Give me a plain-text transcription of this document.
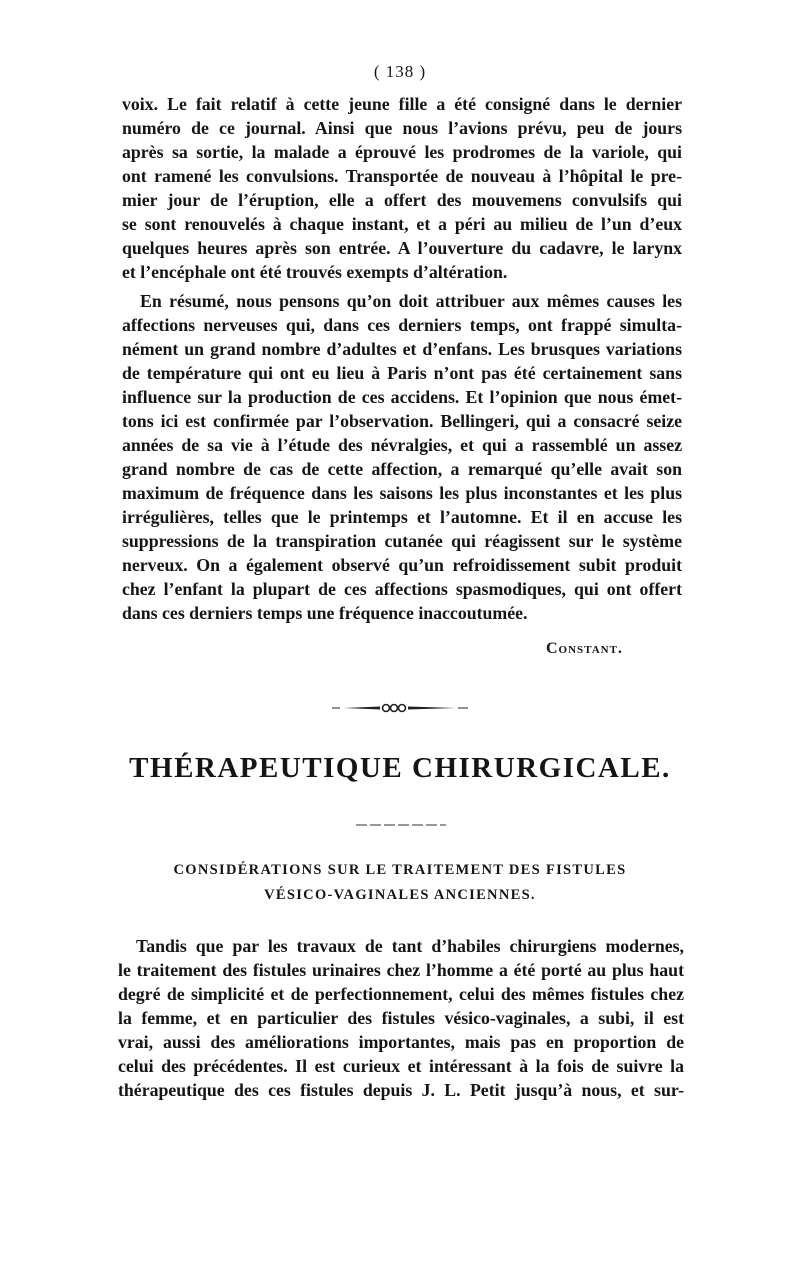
( 138 )
voix. Le fait relatif à cette jeune fille a été consigné dans le dernier
numéro de ce journal. Ainsi que nous l’avions prévu, peu de jours
après sa sortie, la malade a éprouvé les prodromes de la variole, qui
ont ramené les convulsions. Transportée de nouveau à l’hôpital le pre-
mier jour de l’éruption, elle a offert des mouvemens convulsifs qui
se sont renouvelés à chaque instant, et a péri au milieu de l’un d’eux
quelques heures après son entrée. A l’ouverture du cadavre, le larynx
et l’encéphale ont été trouvés exempts d’altération.
En résumé, nous pensons qu’on doit attribuer aux mêmes causes les
affections nerveuses qui, dans ces derniers temps, ont frappé simulta-
nément un grand nombre d’adultes et d’enfans. Les brusques variations
de température qui ont eu lieu à Paris n’ont pas été certainement sans
influence sur la production de ces accidens. Et l’opinion que nous émet-
tons ici est confirmée par l’observation. Bellingeri, qui a consacré seize
années de sa vie à l’étude des névralgies, et qui a rassemblé un assez
grand nombre de cas de cette affection, a remarqué qu’elle avait son
maximum de fréquence dans les saisons les plus inconstantes et les plus
irrégulières, telles que le printemps et l’automne. Et il en accuse les
suppressions de la transpiration cutanée qui réagissent sur le système
nerveux. On a également observé qu’un refroidissement subit produit
chez l’enfant la plupart de ces affections spasmodiques, qui ont offert
dans ces derniers temps une fréquence inaccoutumée.
Constant.
THÉRAPEUTIQUE CHIRURGICALE.
CONSIDÉRATIONS SUR LE TRAITEMENT DES FISTULES
VÉSICO-VAGINALES ANCIENNES.
Tandis que par les travaux de tant d’habiles chirurgiens modernes,
le traitement des fistules urinaires chez l’homme a été porté au plus haut
degré de simplicité et de perfectionnement, celui des mêmes fistules chez
la femme, et en particulier des fistules vésico-vaginales, a subi, il est
vrai, aussi des améliorations importantes, mais pas en proportion de
celui des précédentes. Il est curieux et intéressant à la fois de suivre la
thérapeutique des ces fistules depuis J. L. Petit jusqu’à nous, et sur-
